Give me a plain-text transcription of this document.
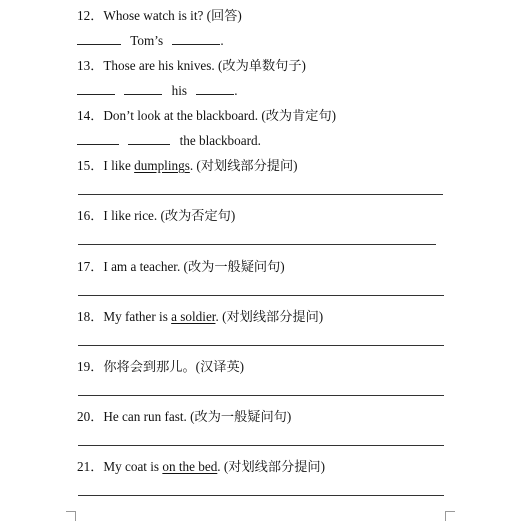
12．Whose watch is it? (回答)
Tom’s	.
13．Those are his knives. (改为单数句子)
his	.
14．Don’t look at the blackboard. (改为肯定句)
the blackboard.
15．I like dumplings. (对划线部分提问)
16．I like rice. (改为否定句)
17．I am a teacher. (改为一般疑问句)
18．My father is a soldier. (对划线部分提问)
19．你将会到那儿。(汉译英)
20．He can run fast. (改为一般疑问句)
21．My coat is on the bed. (对划线部分提问)
